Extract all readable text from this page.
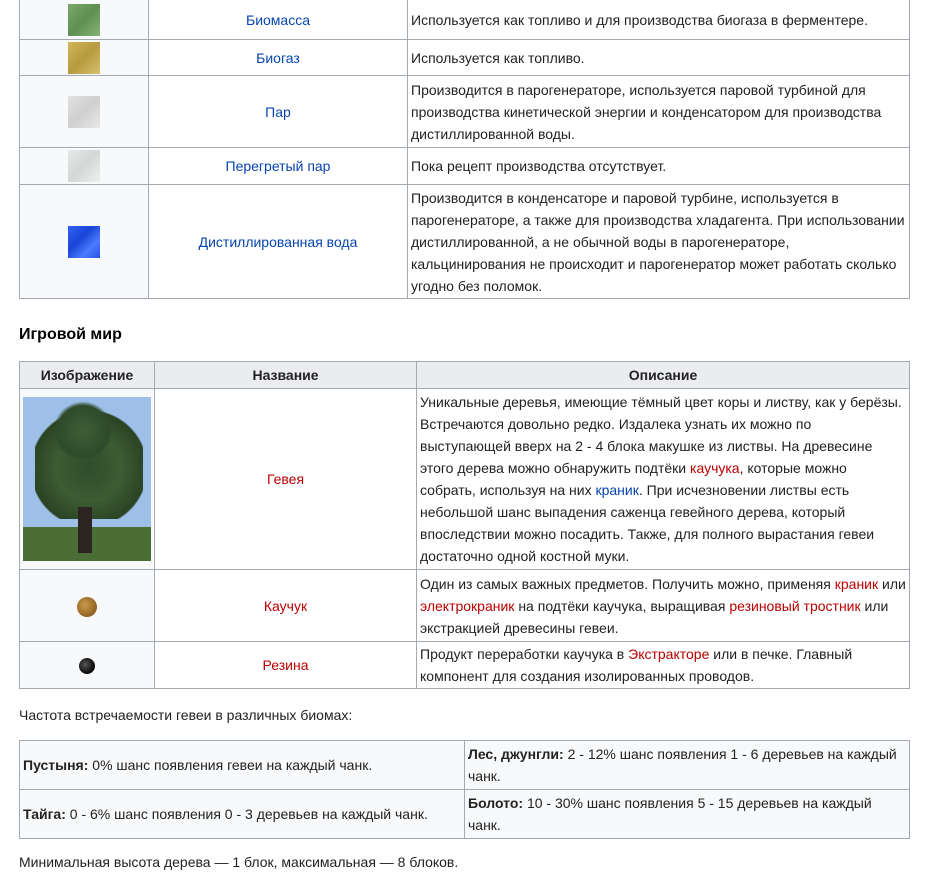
	Биомасса	Используется как топливо и для производства биогаза в ферментере.
	Биогаз	Используется как топливо.
	Пар	Производится в парогенераторе, используется паровой турбиной для производства кинетической энергии и конденсатором для производства дистиллированной воды.
	Перегретый пар	Пока рецепт производства отсутствует.
	Дистиллированная вода	Производится в конденсаторе и паровой турбине, используется в парогенераторе, а также для производства хладагента. При использовании дистиллированной, а не обычной воды в парогенераторе, кальцинирования не происходит и парогенератор может работать сколько угодно без поломок.
Игровой мир
Изображение	Название	Описание

	Гевея	Уникальные деревья, имеющие тёмный цвет коры и листву, как у берёзы. Встречаются довольно редко. Издалека узнать их можно по выступающей вверх на 2 - 4 блока макушке из листвы. На древесине этого дерева можно обнаружить подтёки каучука, которые можно собрать, используя на них краник. При исчезновении листвы есть небольшой шанс выпадения саженца гевейного дерева, который впоследствии можно посадить. Также, для полного вырастания гевеи достаточно одной костной муки.
	Каучук	Один из самых важных предметов. Получить можно, применяя краник или электрокраник на подтёки каучука, выращивая резиновый тростник или экстракцией древесины гевеи.
	Резина	Продукт переработки каучука в Экстракторе или в печке. Главный компонент для создания изолированных проводов.

Частота встречаемости гевеи в различных биомах:

Пустыня: 0% шанс появления гевеи на каждый чанк.	Лес, джунгли: 2 - 12% шанс появления 1 - 6 деревьев на каждый чанк.
Тайга: 0 - 6% шанс появления 0 - 3 деревьев на каждый чанк.	Болото: 10 - 30% шанс появления 5 - 15 деревьев на каждый чанк.

Минимальная высота дерева — 1 блок, максимальная — 8 блоков.
